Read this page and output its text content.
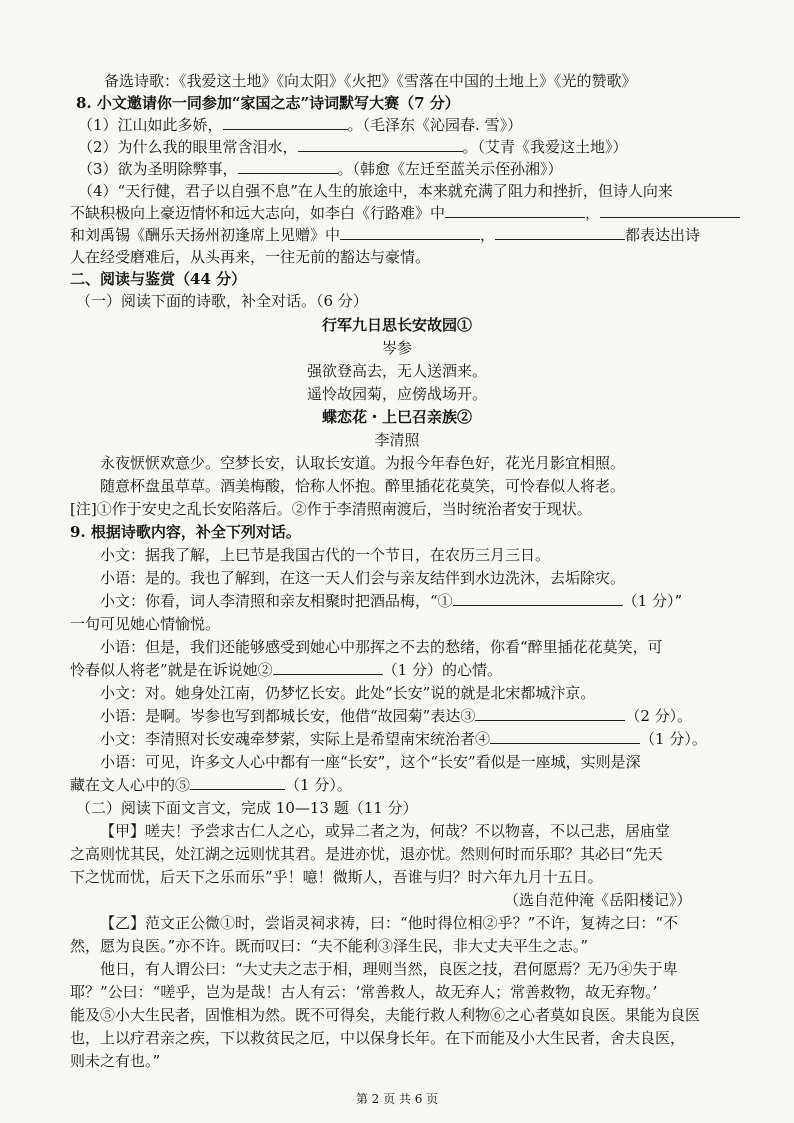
备选诗歌：《我爱这土地》《向太阳》《火把》《雪落在中国的土地上》《光的赞歌》
8. 小文邀请你一同参加“家国之志”诗词默写大赛（7 分）
（1）江山如此多娇，	。（毛泽东《沁园春. 雪》）
（2）为什么我的眼里常含泪水，	。（艾青《我爱这土地》）
（3）欲为圣明除弊事，	。（韩愈《左迁至蓝关示侄孙湘》）
（4）“天行健，君子以自强不息”在人生的旅途中，本来就充满了阻力和挫折，但诗人向来
不缺积极向上豪迈情怀和远大志向，如李白《行路难》中	，
和刘禹锡《酬乐天扬州初逢席上见赠》中	，	都表达出诗
人在经受磨难后，从头再来，一往无前的豁达与豪情。
二、阅读与鉴赏（44 分）
（一）阅读下面的诗歌，补全对话。（6 分）
行军九日思长安故园①
岑参
强欲登高去，无人送酒来。
遥怜故园菊，应傍战场开。
蝶恋花・上巳召亲族②
李清照
永夜恹恹欢意少。空梦长安，认取长安道。为报今年春色好，花光月影宜相照。
随意杯盘虽草草。酒美梅酸，恰称人怀抱。醉里插花花莫笑，可怜春似人将老。
[注]①作于安史之乱长安陷落后。②作于李清照南渡后，当时统治者安于现状。
9. 根据诗歌内容，补全下列对话。
小文：据我了解，上巳节是我国古代的一个节日，在农历三月三日。
小语：是的。我也了解到，在这一天人们会与亲友结伴到水边洗沐，去垢除灾。
小文：你看，词人李清照和亲友相聚时把酒品梅，“①	（1 分）”
一句可见她心情愉悦。
小语：但是，我们还能够感受到她心中那挥之不去的愁绪，你看“醉里插花花莫笑，可
怜春似人将老”就是在诉说她②	（1 分）的心情。
小文：对。她身处江南，仍梦忆长安。此处“长安”说的就是北宋都城汴京。
小语：是啊。岑参也写到都城长安，他借“故园菊”表达③	（2 分）。
小文：李清照对长安魂牵梦萦，实际上是希望南宋统治者④	（1 分）。
小语：可见，许多文人心中都有一座“长安”，这个“长安”看似是一座城，实则是深
藏在文人心中的⑤	（1 分）。
（二）阅读下面文言文，完成 10—13 题（11 分）
【甲】嗟夫！予尝求古仁人之心，或异二者之为，何哉？不以物喜，不以己悲，居庙堂
之高则忧其民，处江湖之远则忧其君。是进亦忧，退亦忧。然则何时而乐耶？其必曰“先天
下之忧而忧，后天下之乐而乐”乎！噫！微斯人，吾谁与归？时六年九月十五日。
（选自范仲淹《岳阳楼记》）
【乙】范文正公微①时，尝诣灵祠求祷，曰：“他时得位相②乎？”不许，复祷之曰：“不
然，愿为良医。”亦不许。既而叹曰：“夫不能利③泽生民，非大丈夫平生之志。”
他日，有人谓公曰：“大丈夫之志于相，理则当然，良医之技，君何愿焉？无乃④失于卑
耶？”公曰：“嗟乎，岂为是哉！古人有云：‘常善救人，故无弃人；常善救物，故无弃物。’
第 2 页 共 6 页
能及⑤小大生民者，固惟相为然。既不可得矣，夫能行救人利物⑥之心者莫如良医。果能为良医
也，上以疗君亲之疾，下以救贫民之厄，中以保身长年。在下而能及小大生民者，舍夫良医，
则未之有也。”
